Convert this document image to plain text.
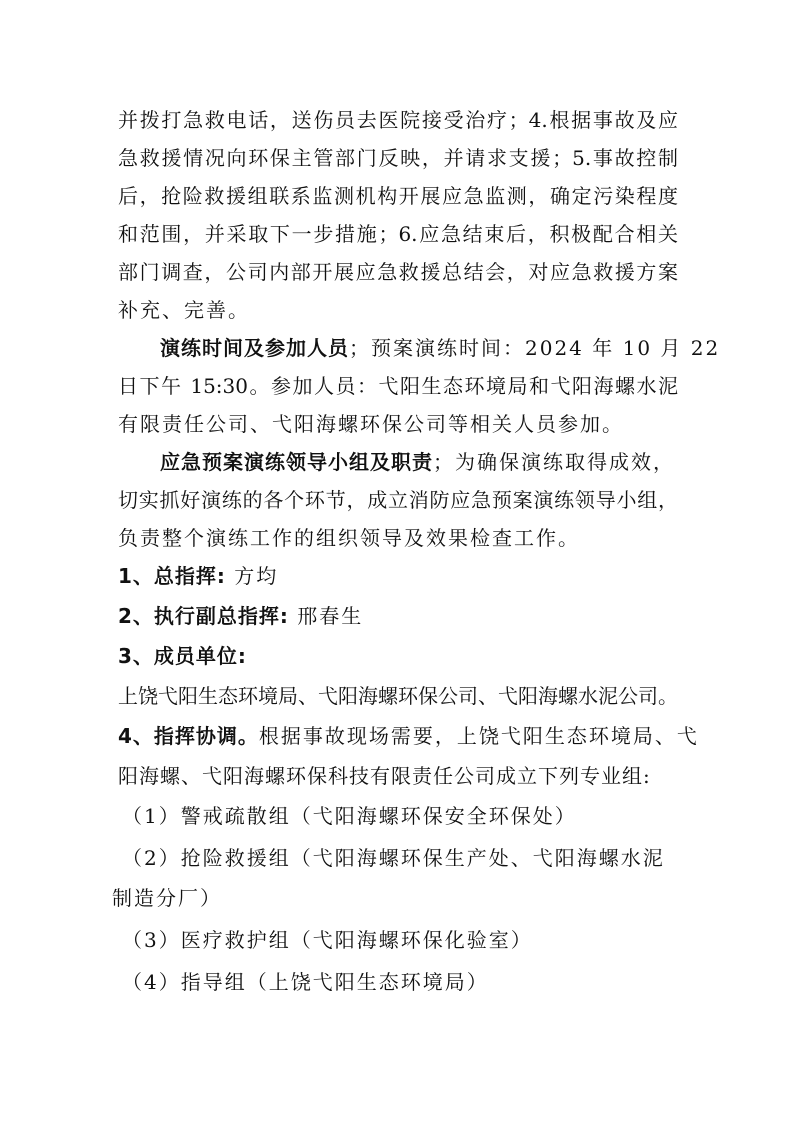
并拨打急救电话，送伤员去医院接受治疗；4.根据事故及应
急救援情况向环保主管部门反映，并请求支援；5.事故控制
后，抢险救援组联系监测机构开展应急监测，确定污染程度
和范围，并采取下一步措施；6.应急结束后，积极配合相关
部门调查，公司内部开展应急救援总结会，对应急救援方案
补充、完善。
演练时间及参加人员；预案演练时间：2024 年 10 月 22
日下午 15:30。参加人员：弋阳生态环境局和弋阳海螺水泥
有限责任公司、弋阳海螺环保公司等相关人员参加。
应急预案演练领导小组及职责；为确保演练取得成效，
切实抓好演练的各个环节，成立消防应急预案演练领导小组，
负责整个演练工作的组织领导及效果检查工作。
1、总指挥: 方均
2、执行副总指挥: 邢春生
3、成员单位:
上饶弋阳生态环境局、弋阳海螺环保公司、弋阳海螺水泥公司。
4、指挥协调。根据事故现场需要，上饶弋阳生态环境局、弋
阳海螺、弋阳海螺环保科技有限责任公司成立下列专业组:
（1）警戒疏散组（弋阳海螺环保安全环保处）
（2）抢险救援组（弋阳海螺环保生产处、弋阳海螺水泥
制造分厂）
（3）医疗救护组（弋阳海螺环保化验室）
（4）指导组（上饶弋阳生态环境局）
